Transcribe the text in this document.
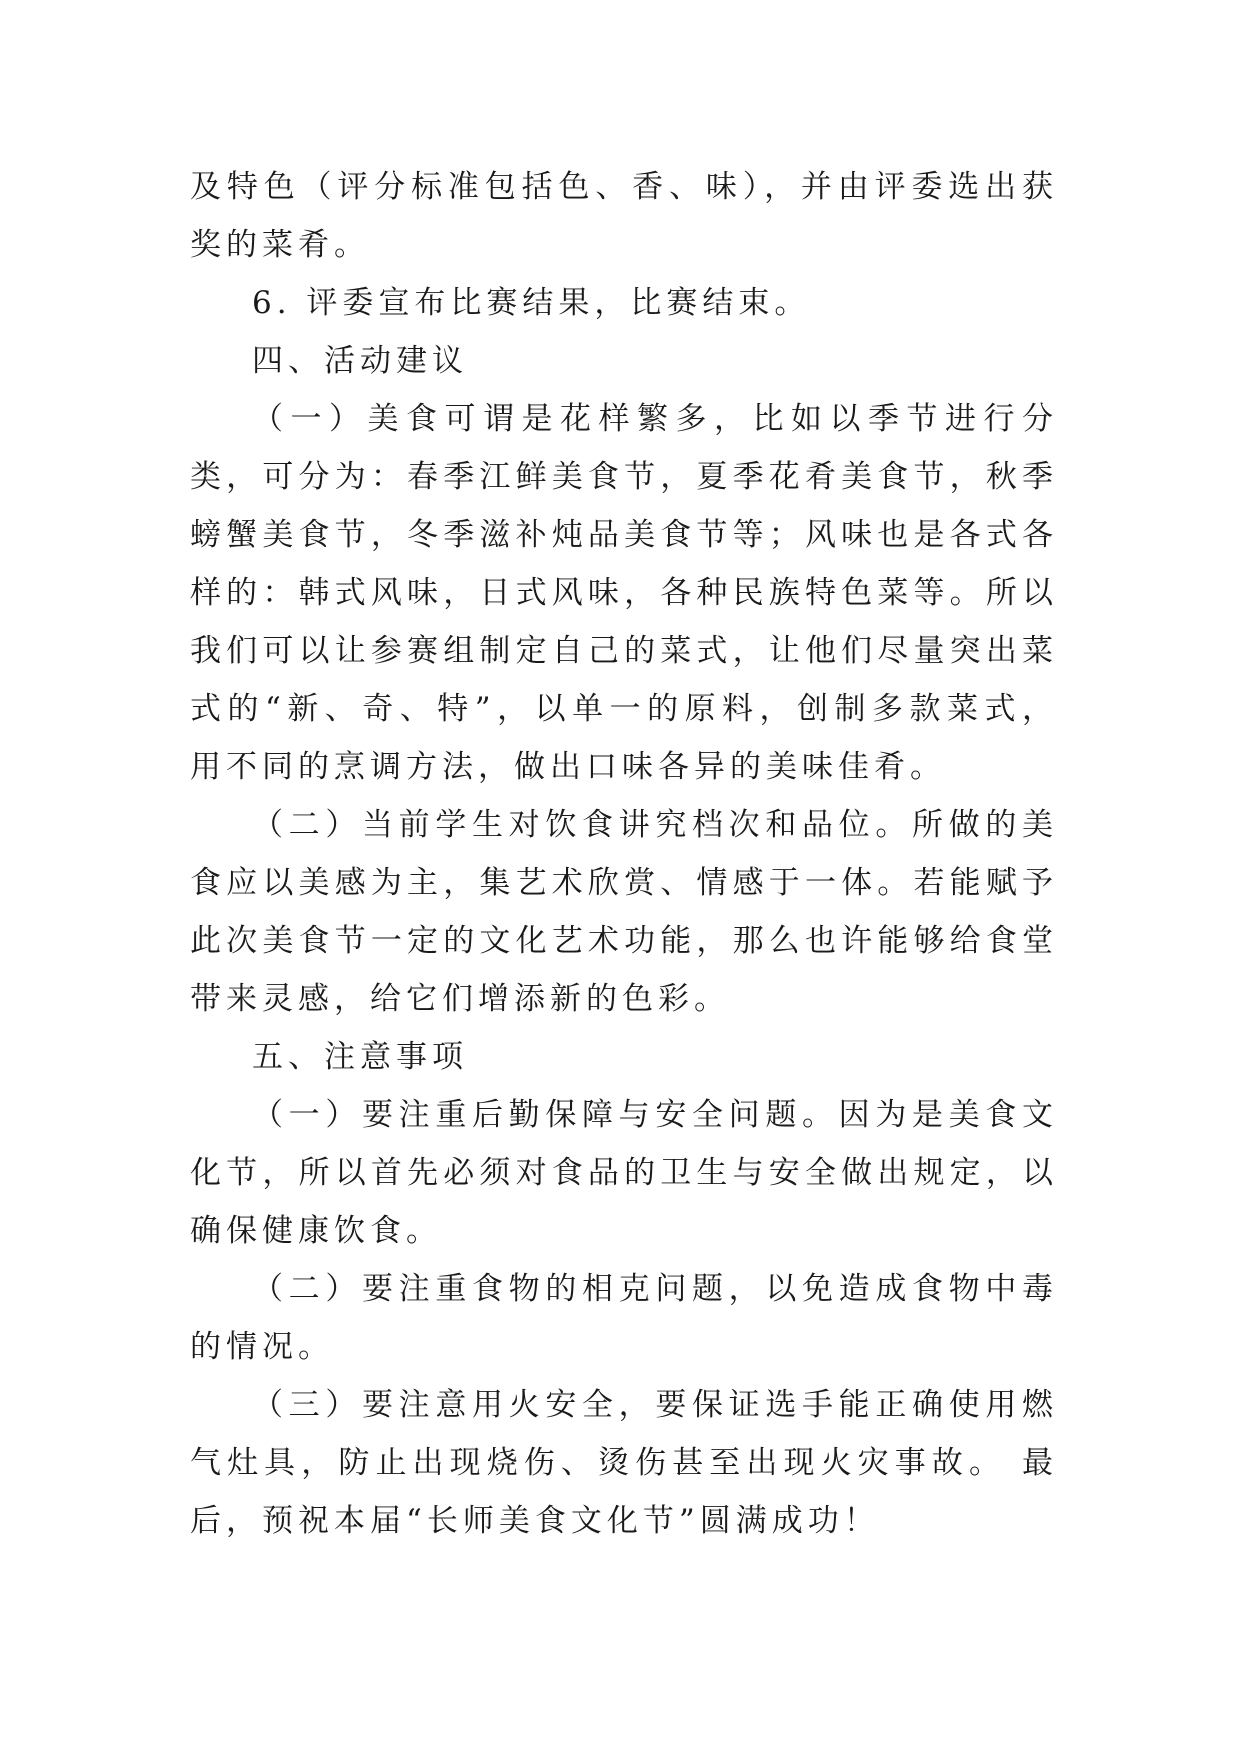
及特色（评分标准包括色、香、味），并由评委选出获奖的菜肴。

6. 评委宣布比赛结果，比赛结束。

四、活动建议

（一）美食可谓是花样繁多，比如以季节进行分类，可分为：春季江鲜美食节，夏季花肴美食节，秋季螃蟹美食节，冬季滋补炖品美食节等；风味也是各式各样的：韩式风味，日式风味，各种民族特色菜等。所以我们可以让参赛组制定自己的菜式，让他们尽量突出菜式的“新、奇、特”，以单一的原料，创制多款菜式，用不同的烹调方法，做出口味各异的美味佳肴。

（二）当前学生对饮食讲究档次和品位。所做的美食应以美感为主，集艺术欣赏、情感于一体。若能赋予此次美食节一定的文化艺术功能，那么也许能够给食堂带来灵感，给它们增添新的色彩。

五、注意事项

（一）要注重后勤保障与安全问题。因为是美食文化节，所以首先必须对食品的卫生与安全做出规定，以确保健康饮食。

（二）要注重食物的相克问题，以免造成食物中毒的情况。

（三）要注意用火安全，要保证选手能正确使用燃气灶具，防止出现烧伤、烫伤甚至出现火灾事故。 最后，预祝本届“长师美食文化节”圆满成功！
